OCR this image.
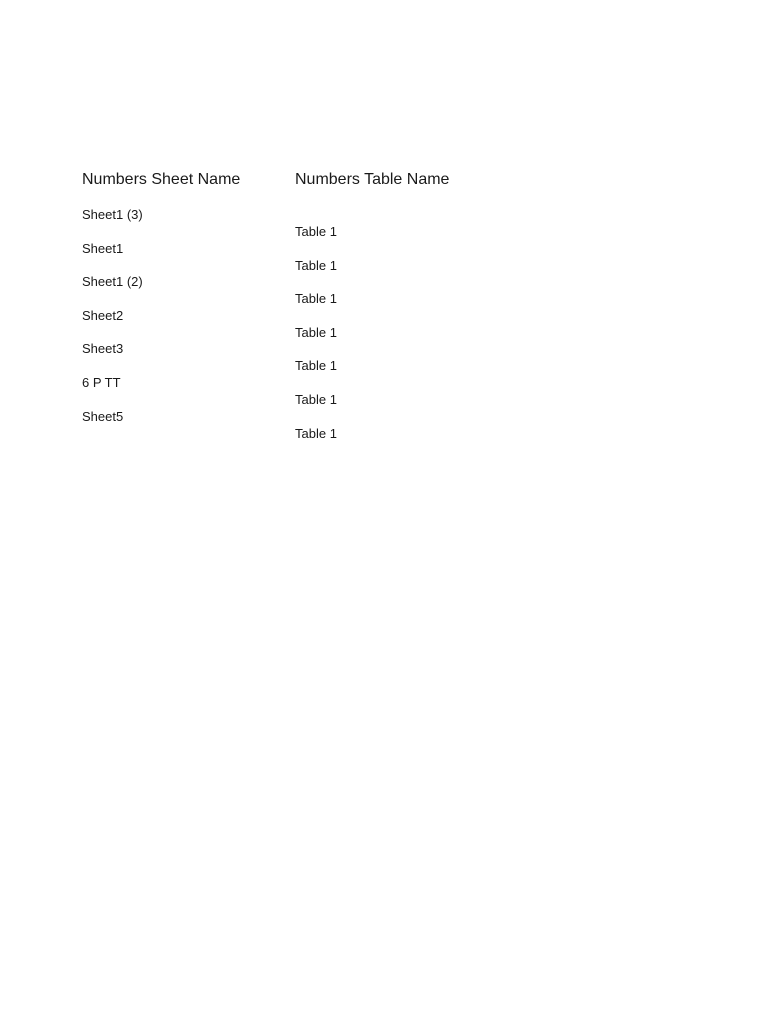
Numbers Sheet Name	Numbers Table Name
Sheet1 (3)
Sheet1
Sheet1 (2)
Sheet2
Sheet3
6 P TT
Sheet5
Table 1
Table 1
Table 1
Table 1
Table 1
Table 1
Table 1
